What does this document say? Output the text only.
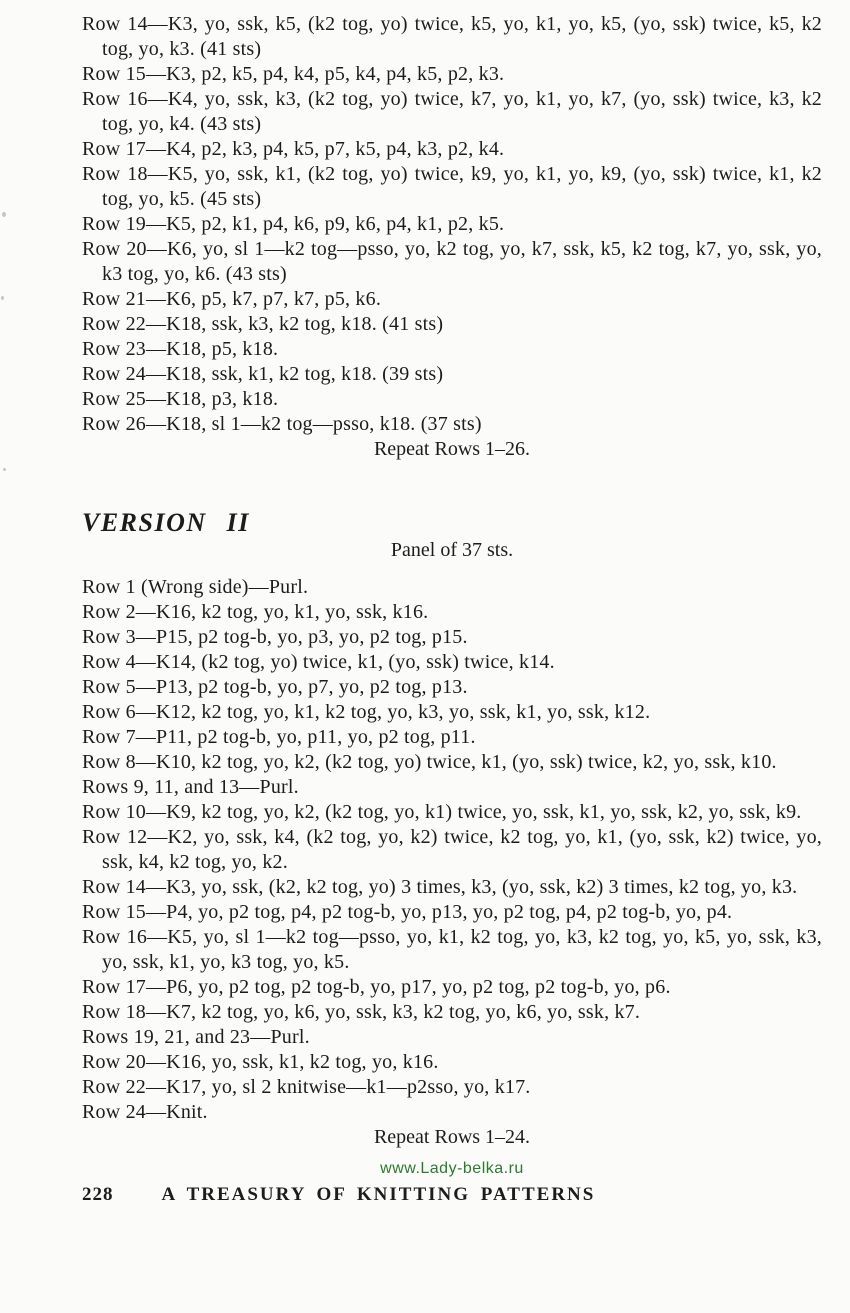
Row 14—K3, yo, ssk, k5, (k2 tog, yo) twice, k5, yo, k1, yo, k5, (yo, ssk) twice, k5, k2 tog, yo, k3. (41 sts)

Row 15—K3, p2, k5, p4, k4, p5, k4, p4, k5, p2, k3.

Row 16—K4, yo, ssk, k3, (k2 tog, yo) twice, k7, yo, k1, yo, k7, (yo, ssk) twice, k3, k2 tog, yo, k4. (43 sts)

Row 17—K4, p2, k3, p4, k5, p7, k5, p4, k3, p2, k4.

Row 18—K5, yo, ssk, k1, (k2 tog, yo) twice, k9, yo, k1, yo, k9, (yo, ssk) twice, k1, k2 tog, yo, k5. (45 sts)

Row 19—K5, p2, k1, p4, k6, p9, k6, p4, k1, p2, k5.

Row 20—K6, yo, sl 1—k2 tog—psso, yo, k2 tog, yo, k7, ssk, k5, k2 tog, k7, yo, ssk, yo, k3 tog, yo, k6. (43 sts)

Row 21—K6, p5, k7, p7, k7, p5, k6.

Row 22—K18, ssk, k3, k2 tog, k18. (41 sts)

Row 23—K18, p5, k18.

Row 24—K18, ssk, k1, k2 tog, k18. (39 sts)

Row 25—K18, p3, k18.

Row 26—K18, sl 1—k2 tog—psso, k18. (37 sts)

Repeat Rows 1–26.

VERSION II

Panel of 37 sts.

Row 1 (Wrong side)—Purl.

Row 2—K16, k2 tog, yo, k1, yo, ssk, k16.

Row 3—P15, p2 tog-b, yo, p3, yo, p2 tog, p15.

Row 4—K14, (k2 tog, yo) twice, k1, (yo, ssk) twice, k14.

Row 5—P13, p2 tog-b, yo, p7, yo, p2 tog, p13.

Row 6—K12, k2 tog, yo, k1, k2 tog, yo, k3, yo, ssk, k1, yo, ssk, k12.

Row 7—P11, p2 tog-b, yo, p11, yo, p2 tog, p11.

Row 8—K10, k2 tog, yo, k2, (k2 tog, yo) twice, k1, (yo, ssk) twice, k2, yo, ssk, k10.

Rows 9, 11, and 13—Purl.

Row 10—K9, k2 tog, yo, k2, (k2 tog, yo, k1) twice, yo, ssk, k1, yo, ssk, k2, yo, ssk, k9.

Row 12—K2, yo, ssk, k4, (k2 tog, yo, k2) twice, k2 tog, yo, k1, (yo, ssk, k2) twice, yo, ssk, k4, k2 tog, yo, k2.

Row 14—K3, yo, ssk, (k2, k2 tog, yo) 3 times, k3, (yo, ssk, k2) 3 times, k2 tog, yo, k3.

Row 15—P4, yo, p2 tog, p4, p2 tog-b, yo, p13, yo, p2 tog, p4, p2 tog-b, yo, p4.

Row 16—K5, yo, sl 1—k2 tog—psso, yo, k1, k2 tog, yo, k3, k2 tog, yo, k5, yo, ssk, k3, yo, ssk, k1, yo, k3 tog, yo, k5.

Row 17—P6, yo, p2 tog, p2 tog-b, yo, p17, yo, p2 tog, p2 tog-b, yo, p6.

Row 18—K7, k2 tog, yo, k6, yo, ssk, k3, k2 tog, yo, k6, yo, ssk, k7.

Rows 19, 21, and 23—Purl.

Row 20—K16, yo, ssk, k1, k2 tog, yo, k16.

Row 22—K17, yo, sl 2 knitwise—k1—p2sso, yo, k17.

Row 24—Knit.

Repeat Rows 1–24.

www.Lady-belka.ru
228	A TREASURY OF KNITTING PATTERNS
